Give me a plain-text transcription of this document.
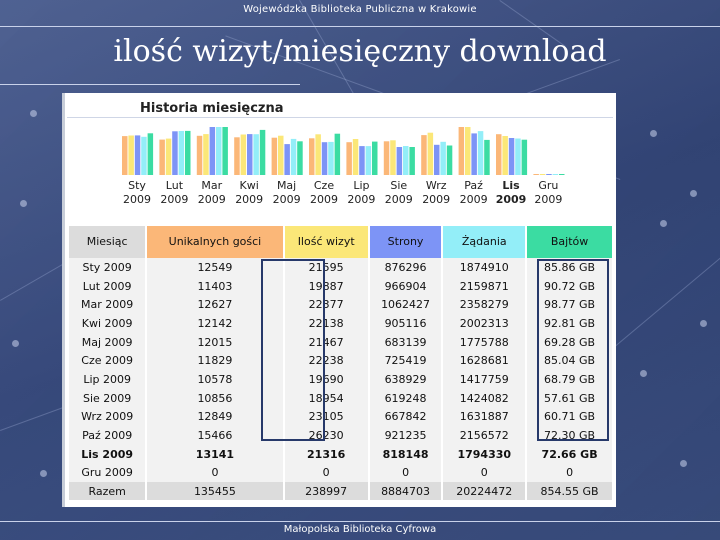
Wojewódzka Biblioteka Publiczna w Krakowie
ilość wizyt/miesięczny download
Historia miesięczna
Sty
2009
Lut
2009
Mar
2009
Kwi
2009
Maj
2009
Cze
2009
Lip
2009
Sie
2009
Wrz
2009
Paź
2009
Lis
2009
Gru
2009
Miesiąc	Unikalnych gości	Ilość wizyt	Strony	Żądania	Bajtów
Sty 2009	12549	21595	876296	1874910	85.86 GB
Lut 2009	11403	19887	966904	2159871	90.72 GB
Mar 2009	12627	22377	1062427	2358279	98.77 GB
Kwi 2009	12142	22138	905116	2002313	92.81 GB
Maj 2009	12015	21467	683139	1775788	69.28 GB
Cze 2009	11829	22238	725419	1628681	85.04 GB
Lip 2009	10578	19690	638929	1417759	68.79 GB
Sie 2009	10856	18954	619248	1424082	57.61 GB
Wrz 2009	12849	23105	667842	1631887	60.71 GB
Paź 2009	15466	26230	921235	2156572	72.30 GB
Lis 2009	13141	21316	818148	1794330	72.66 GB
Gru 2009	0	0	0	0	0
Razem	135455	238997	8884703	20224472	854.55 GB
Małopolska Biblioteka Cyfrowa
